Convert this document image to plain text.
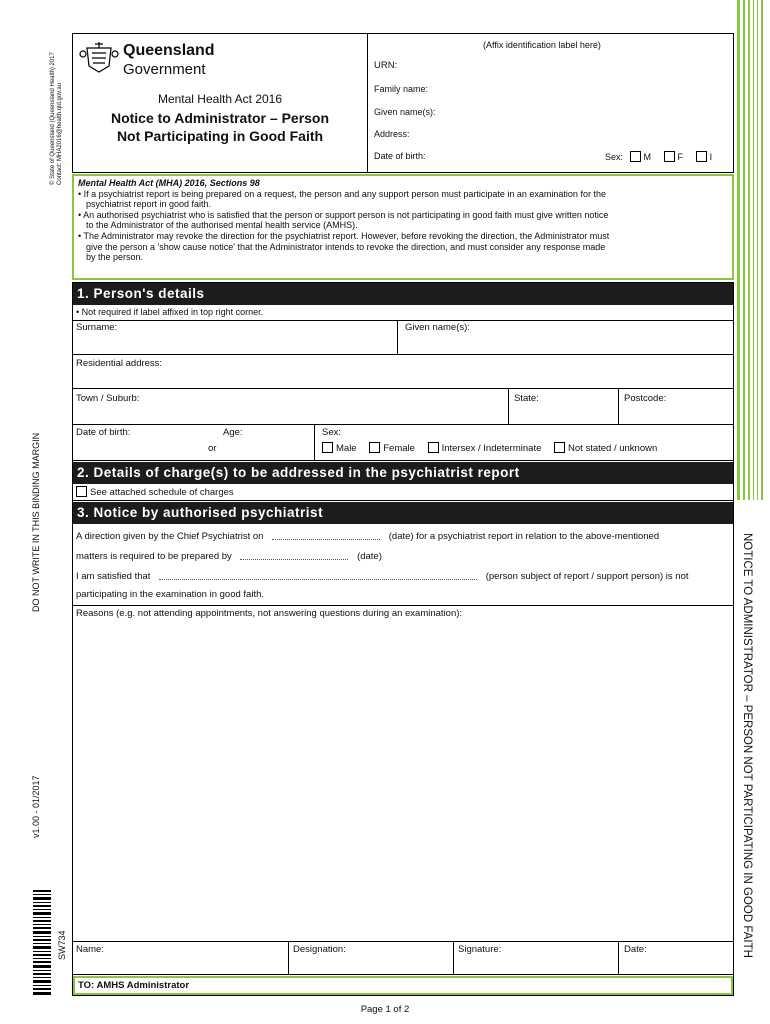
© State of Queensland (Queensland Health) 2017 Contact: MHA2016@health.qld.gov.au
DO NOT WRITE IN THIS BINDING MARGIN
v1.00 - 01/2017
SW734	NOTICE TO ADMINISTRATOR – PERSON NOT PARTICIPATING IN GOOD FAITH
Queensland
Government
Mental Health Act 2016
Notice to Administrator – Person
Not Participating in Good Faith
(Affix identification label here)
URN:
Family name:
Given name(s):
Address:
Date of birth:	Sex: M	F	I
Mental Health Act (MHA) 2016, Sections 98
• If a psychiatrist report is being prepared on a request, the person and any support person must participate in an examination for the
psychiatrist report in good faith.
• An authorised psychiatrist who is satisfied that the person or support person is not participating in good faith must give written notice
to the Administrator of the authorised mental health service (AMHS).
• The Administrator may revoke the direction for the psychiatrist report. However, before revoking the direction, the Administrator must
give the person a 'show cause notice' that the Administrator intends to revoke the direction, and must consider any response made
by the person.
1. Person's details
• Not required if label affixed in top right corner.
Surname:	Given name(s):
Residential address:
Town / Suburb:	State:	Postcode:
Date of birth:	Age:
or
Sex:
Male	Female	Intersex / Indeterminate	Not stated / unknown
2. Details of charge(s) to be addressed in the psychiatrist report
See attached schedule of charges
3. Notice by authorised psychiatrist
A direction given by the Chief Psychiatrist on	(date) for a psychiatrist report in relation to the above-mentioned
matters is required to be prepared by	(date)
I am satisfied that	(person subject of report / support person) is not
participating in the examination in good faith.
Reasons (e.g. not attending appointments, not answering questions during an examination):
Name:	Designation:	Signature:	Date:
TO: AMHS Administrator
Page 1 of 2
